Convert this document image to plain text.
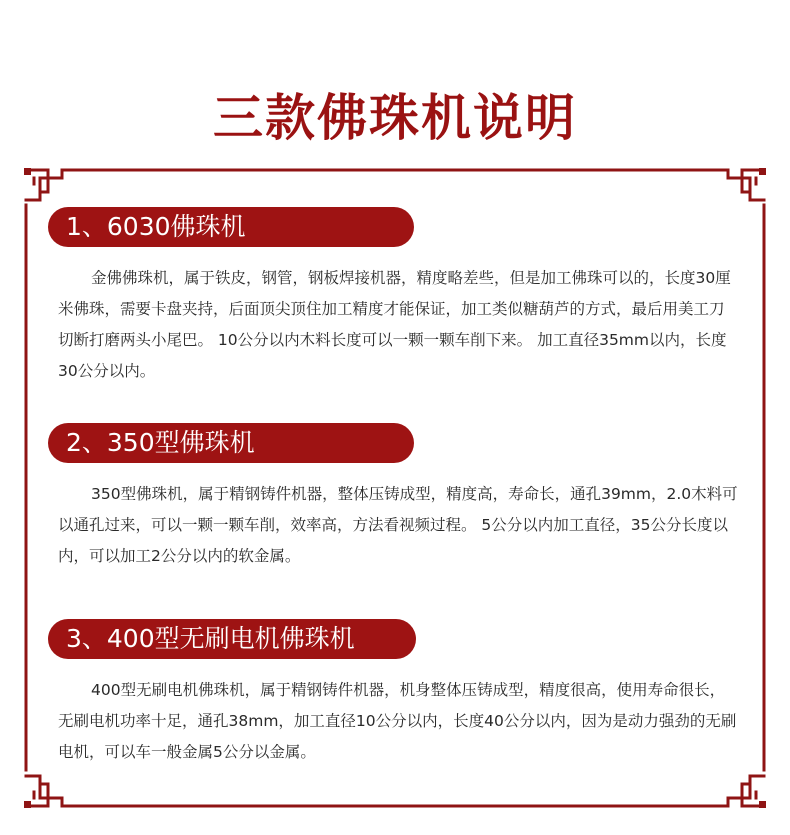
三款佛珠机说明
1、6030佛珠机

金佛佛珠机，属于铁皮，钢管，钢板焊接机器，精度略差些，但是加工佛珠可以的，长度30厘米佛珠，需要卡盘夹持，后面顶尖顶住加工精度才能保证，加工类似糖葫芦的方式，最后用美工刀切断打磨两头小尾巴。 10公分以内木料长度可以一颗一颗车削下来。 加工直径35mm以内，长度30公分以内。

2、350型佛珠机

350型佛珠机，属于精钢铸件机器，整体压铸成型，精度高，寿命长，通孔39mm，2.0木料可以通孔过来，可以一颗一颗车削，效率高，方法看视频过程。 5公分以内加工直径，35公分长度以内，可以加工2公分以内的软金属。

3、400型无刷电机佛珠机

400型无刷电机佛珠机，属于精钢铸件机器，机身整体压铸成型，精度很高，使用寿命很长，无刷电机功率十足，通孔38mm，加工直径10公分以内，长度40公分以内，因为是动力强劲的无刷电机，可以车一般金属5公分以金属。
